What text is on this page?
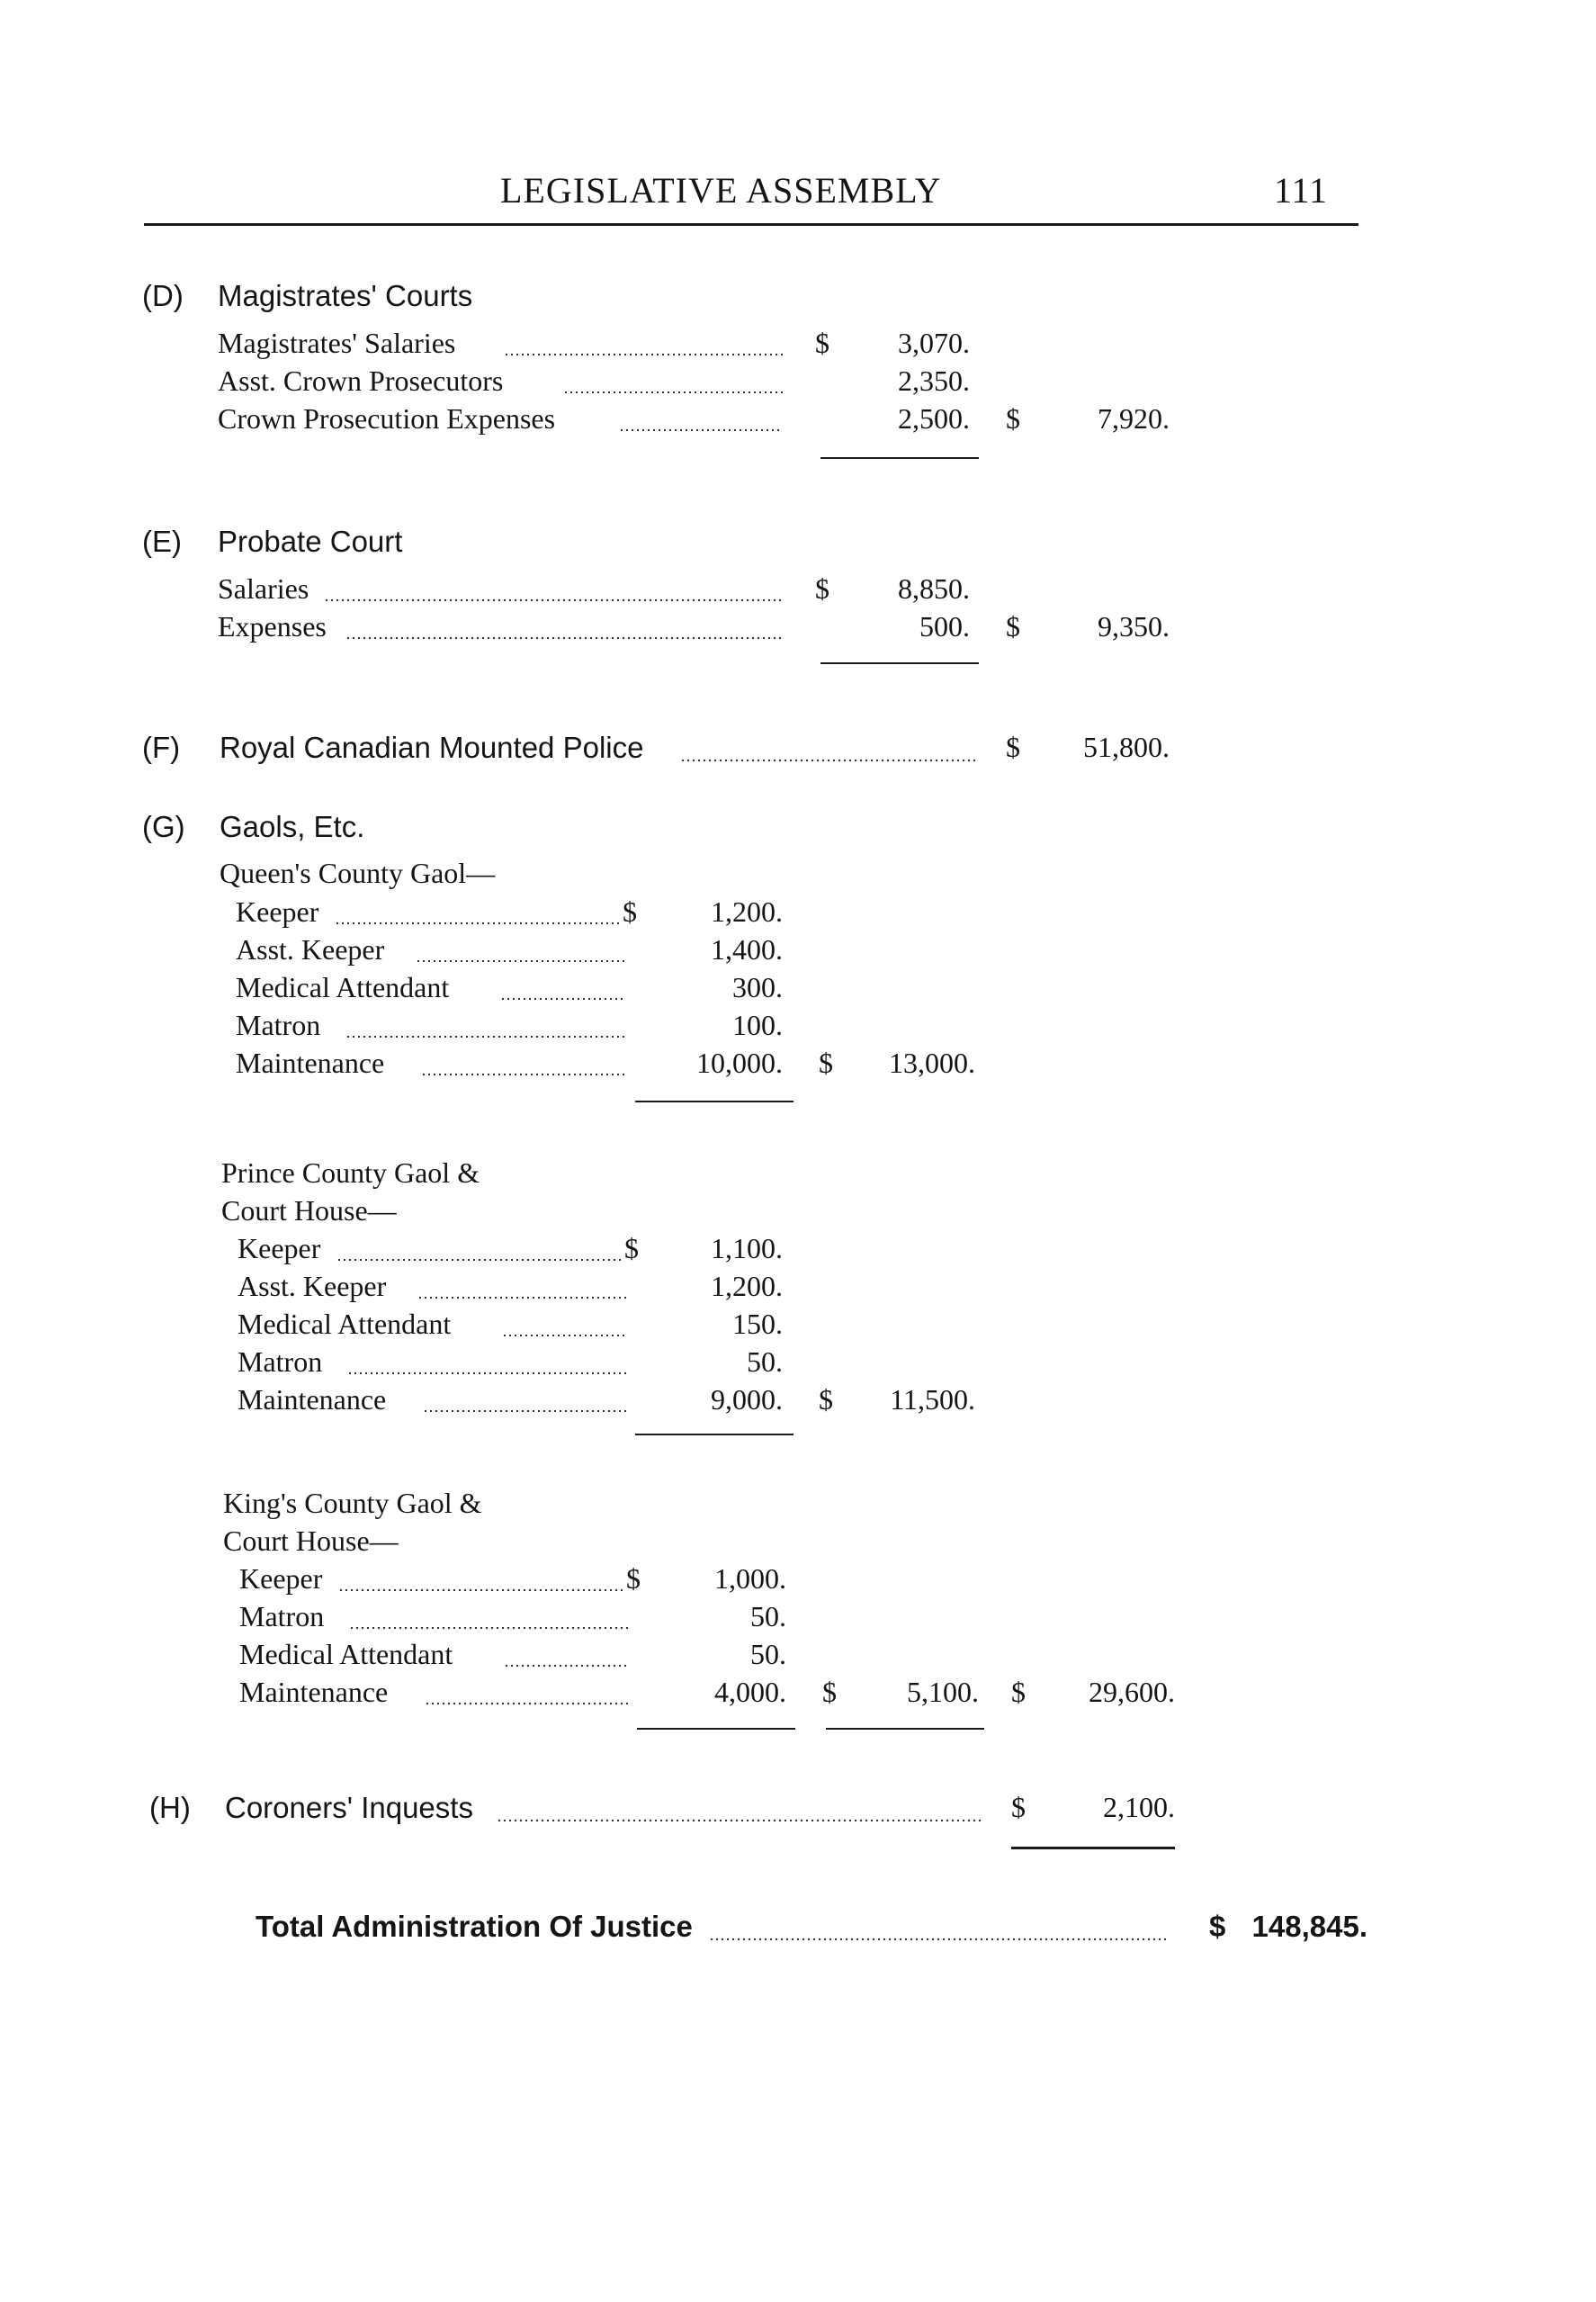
LEGISLATIVE ASSEMBLY	111
(D) Magistrates' Courts
Magistrates' Salaries	$	3,070.
Asst. Crown Prosecutors	2,350.
Crown Prosecution Expenses	2,500. $	7,920.
(E) Probate Court
Salaries	$	8,850.
Expenses	500. $	9,350.
(F) Royal Canadian Mounted Police	$	51,800.
(G) Gaols, Etc.
Queen's County Gaol—
Keeper	$	1,200.
Asst. Keeper	1,400.
Medical Attendant	300.
Matron	100.
Maintenance	10,000. $	13,000.
Prince County Gaol &
Court House—
Keeper	$	1,100.
Asst. Keeper	1,200.
Medical Attendant	150.
Matron	50.
Maintenance	9,000. $	11,500.
King's County Gaol &
Court House—
Keeper	$	1,000.
Matron	50.
Medical Attendant	50.
Maintenance	4,000. $	5,100. $	29,600.
(H) Coroners' Inquests	$	2,100.
Total Administration Of Justice	$ 148,845.
